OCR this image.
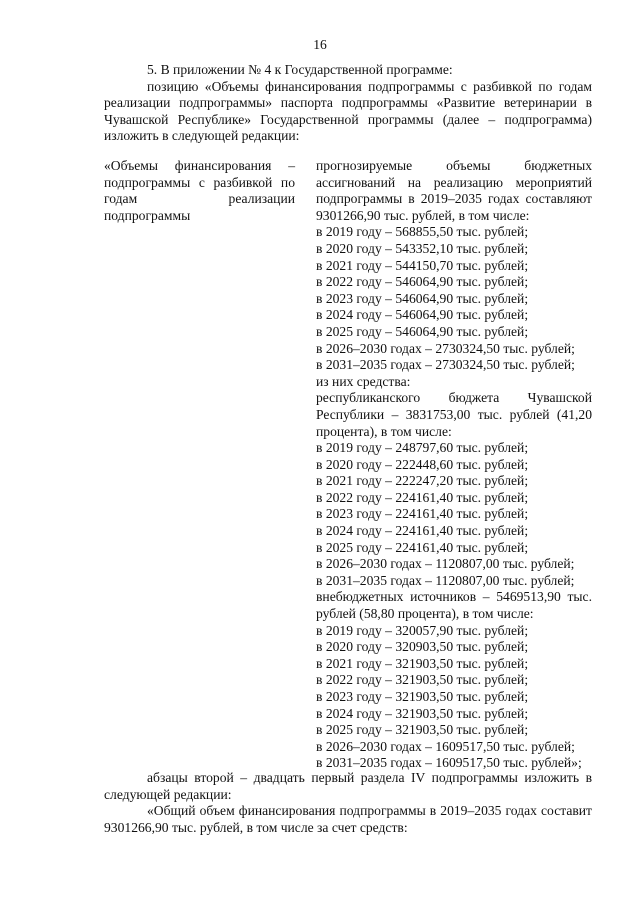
16

5. В приложении № 4 к Государственной программе:

позицию «Объемы финансирования подпрограммы с разбивкой по годам реализации подпрограммы» паспорта подпрограммы «Развитие ветеринарии в Чувашской Республике» Государственной программы (далее – подпрограмма) изложить в следующей редакции:

«Объемы финансирования – подпрограммы с разбивкой по годам реализации подпрограммы
прогнозируемые объемы бюджетных ассигнований на реализацию мероприятий подпрограммы в 2019–2035 годах составляют 9301266,90 тыс. рублей, в том числе:
в 2019 году – 568855,50 тыс. рублей;
в 2020 году – 543352,10 тыс. рублей;
в 2021 году – 544150,70 тыс. рублей;
в 2022 году – 546064,90 тыс. рублей;
в 2023 году – 546064,90 тыс. рублей;
в 2024 году – 546064,90 тыс. рублей;
в 2025 году – 546064,90 тыс. рублей;
в 2026–2030 годах – 2730324,50 тыс. рублей;
в 2031–2035 годах – 2730324,50 тыс. рублей;
из них средства:
республиканского бюджета Чувашской Республики – 3831753,00 тыс. рублей (41,20 процента), в том числе:
в 2019 году – 248797,60 тыс. рублей;
в 2020 году – 222448,60 тыс. рублей;
в 2021 году – 222247,20 тыс. рублей;
в 2022 году – 224161,40 тыс. рублей;
в 2023 году – 224161,40 тыс. рублей;
в 2024 году – 224161,40 тыс. рублей;
в 2025 году – 224161,40 тыс. рублей;
в 2026–2030 годах – 1120807,00 тыс. рублей;
в 2031–2035 годах – 1120807,00 тыс. рублей;
внебюджетных источников – 5469513,90 тыс. рублей (58,80 процента), в том числе:
в 2019 году – 320057,90 тыс. рублей;
в 2020 году – 320903,50 тыс. рублей;
в 2021 году – 321903,50 тыс. рублей;
в 2022 году – 321903,50 тыс. рублей;
в 2023 году – 321903,50 тыс. рублей;
в 2024 году – 321903,50 тыс. рублей;
в 2025 году – 321903,50 тыс. рублей;
в 2026–2030 годах – 1609517,50 тыс. рублей;
в 2031–2035 годах – 1609517,50 тыс. рублей»;

абзацы второй – двадцать первый раздела IV подпрограммы изложить в следующей редакции:

«Общий объем финансирования подпрограммы в 2019–2035 годах составит 9301266,90 тыс. рублей, в том числе за счет средств:
